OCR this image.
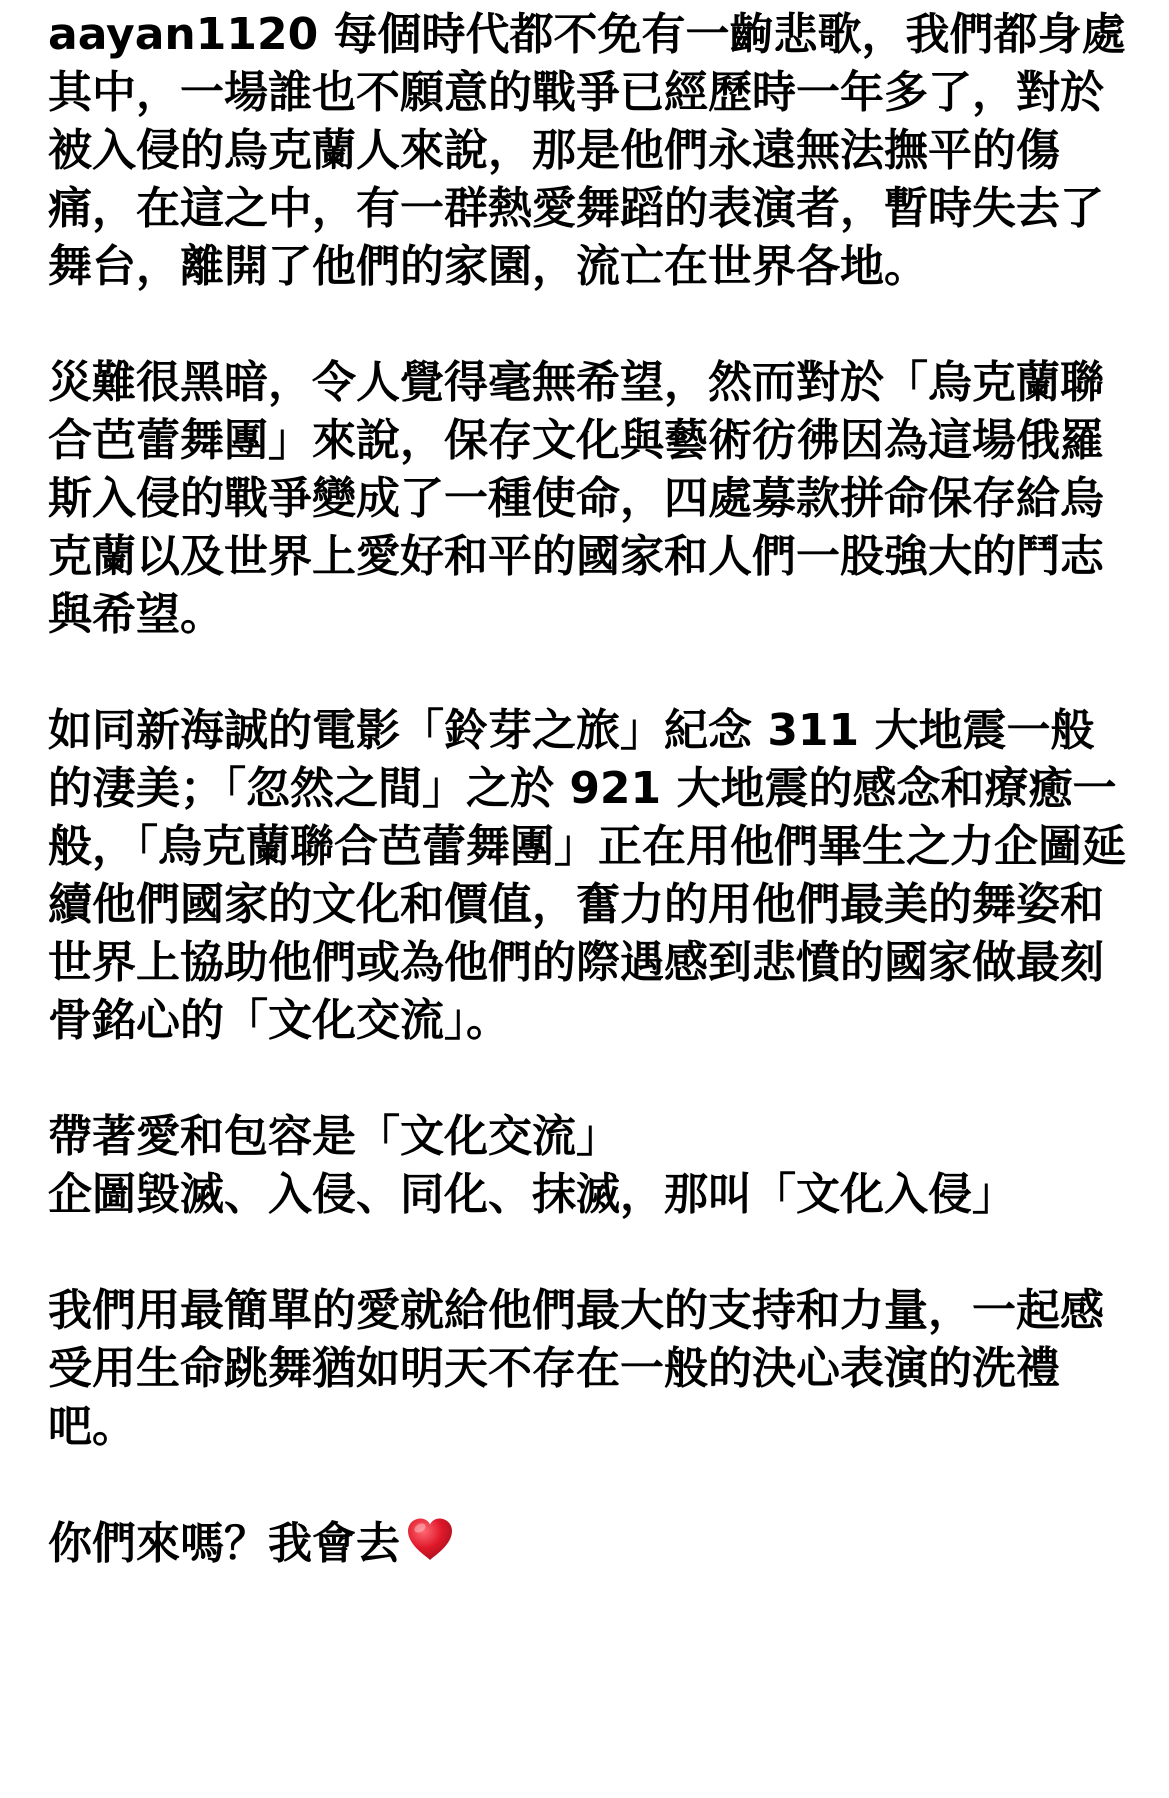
aayan1120 每個時代都不免有一齣悲歌，我們都身處其中，一場誰也不願意的戰爭已經歷時一年多了，對於被入侵的烏克蘭人來說，那是他們永遠無法撫平的傷痛，在這之中，有一群熱愛舞蹈的表演者，暫時失去了舞台，離開了他們的家園，流亡在世界各地。

災難很黑暗，令人覺得毫無希望，然而對於「烏克蘭聯合芭蕾舞團」來說，保存文化與藝術彷彿因為這場俄羅斯入侵的戰爭變成了一種使命，四處募款拼命保存給烏克蘭以及世界上愛好和平的國家和人們一股強大的鬥志與希望。

如同新海誠的電影「鈴芽之旅」紀念 311 大地震一般的淒美；「忽然之間」之於 921 大地震的感念和療癒一般，「烏克蘭聯合芭蕾舞團」正在用他們畢生之力企圖延續他們國家的文化和價值，奮力的用他們最美的舞姿和世界上協助他們或為他們的際遇感到悲憤的國家做最刻骨銘心的「文化交流」。

帶著愛和包容是「文化交流」
企圖毀滅、入侵、同化、抹滅，那叫「文化入侵」

我們用最簡單的愛就給他們最大的支持和力量，一起感受用生命跳舞猶如明天不存在一般的決心表演的洗禮吧。

你們來嗎？我會去
